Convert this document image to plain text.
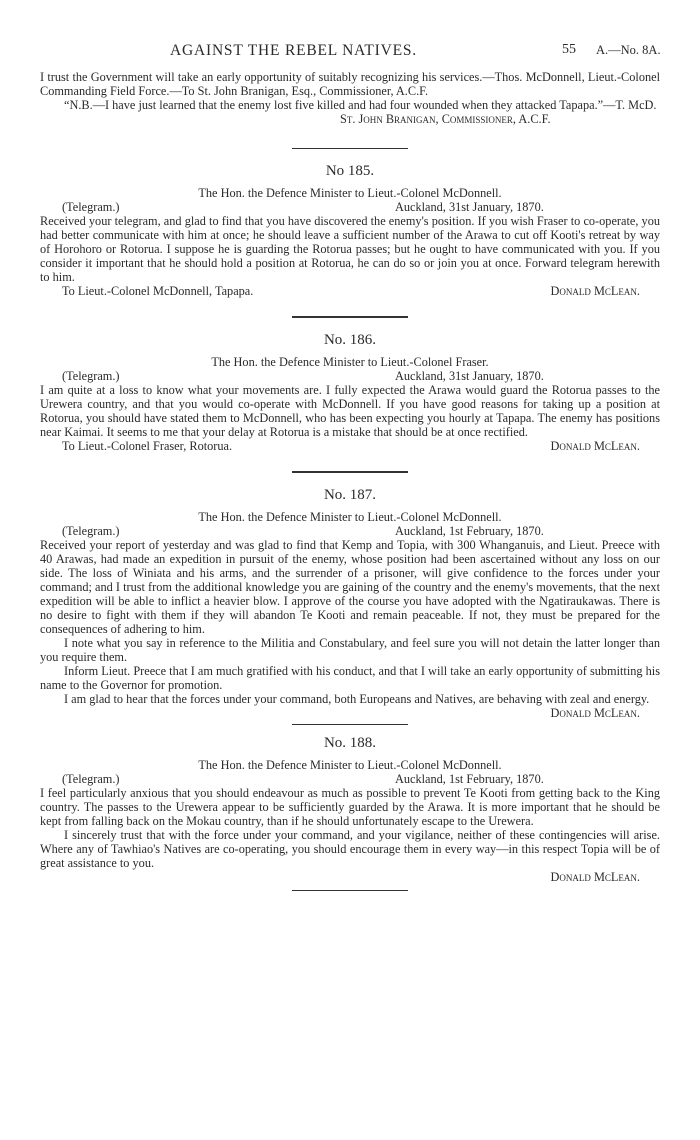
AGAINST THE REBEL NATIVES.	55 A.—No. 8A.

I trust the Government will take an early opportunity of suitably recognizing his services.—Thos. McDonnell, Lieut.-Colonel Commanding Field Force.—To St. John Branigan, Esq., Commissioner, A.C.F.

“N.B.—I have just learned that the enemy lost five killed and had four wounded when they attacked Tapapa.”—T. McD.

St. John Branigan, Commissioner, A.C.F.

No 185.

The Hon. the Defence Minister to Lieut.-Colonel McDonnell.

(Telegram.)	Auckland, 31st January, 1870.

Received your telegram, and glad to find that you have discovered the enemy's position. If you wish Fraser to co-operate, you had better communicate with him at once; he should leave a sufficient number of the Arawa to cut off Kooti's retreat by way of Horohoro or Rotorua. I suppose he is guarding the Rotorua passes; but he ought to have communicated with you. If you consider it important that he should hold a position at Rotorua, he can do so or join you at once. Forward telegram herewith to him.

To Lieut.-Colonel McDonnell, Tapapa.	Donald McLean.
No. 186.

The Hon. the Defence Minister to Lieut.-Colonel Fraser.

(Telegram.)	Auckland, 31st January, 1870.

I am quite at a loss to know what your movements are. I fully expected the Arawa would guard the Rotorua passes to the Urewera country, and that you would co-operate with McDonnell. If you have good reasons for taking up a position at Rotorua, you should have stated them to McDonnell, who has been expecting you hourly at Tapapa. The enemy has positions near Kaimai. It seems to me that your delay at Rotorua is a mistake that should be at once rectified.

To Lieut.-Colonel Fraser, Rotorua.	Donald McLean.
No. 187.

The Hon. the Defence Minister to Lieut.-Colonel McDonnell.

(Telegram.)	Auckland, 1st February, 1870.

Received your report of yesterday and was glad to find that Kemp and Topia, with 300 Whanganuis, and Lieut. Preece with 40 Arawas, had made an expedition in pursuit of the enemy, whose position had been ascertained without any loss on our side. The loss of Winiata and his arms, and the surrender of a prisoner, will give confidence to the forces under your command; and I trust from the additional knowledge you are gaining of the country and the enemy's movements, that the next expedition will be able to inflict a heavier blow. I approve of the course you have adopted with the Ngatiraukawas. There is no desire to fight with them if they will abandon Te Kooti and remain peaceable. If not, they must be prepared for the consequences of adhering to him.

I note what you say in reference to the Militia and Constabulary, and feel sure you will not detain the latter longer than you require them.

Inform Lieut. Preece that I am much gratified with his conduct, and that I will take an early opportunity of submitting his name to the Governor for promotion.

I am glad to hear that the forces under your command, both Europeans and Natives, are behaving with zeal and energy.

Donald McLean.

No. 188.

The Hon. the Defence Minister to Lieut.-Colonel McDonnell.

(Telegram.)	Auckland, 1st February, 1870.

I feel particularly anxious that you should endeavour as much as possible to prevent Te Kooti from getting back to the King country. The passes to the Urewera appear to be sufficiently guarded by the Arawa. It is more important that he should be kept from falling back on the Mokau country, than if he should unfortunately escape to the Urewera.

I sincerely trust that with the force under your command, and your vigilance, neither of these contingencies will arise. Where any of Tawhiao's Natives are co-operating, you should encourage them in every way—in this respect Topia will be of great assistance to you.

Donald McLean.
